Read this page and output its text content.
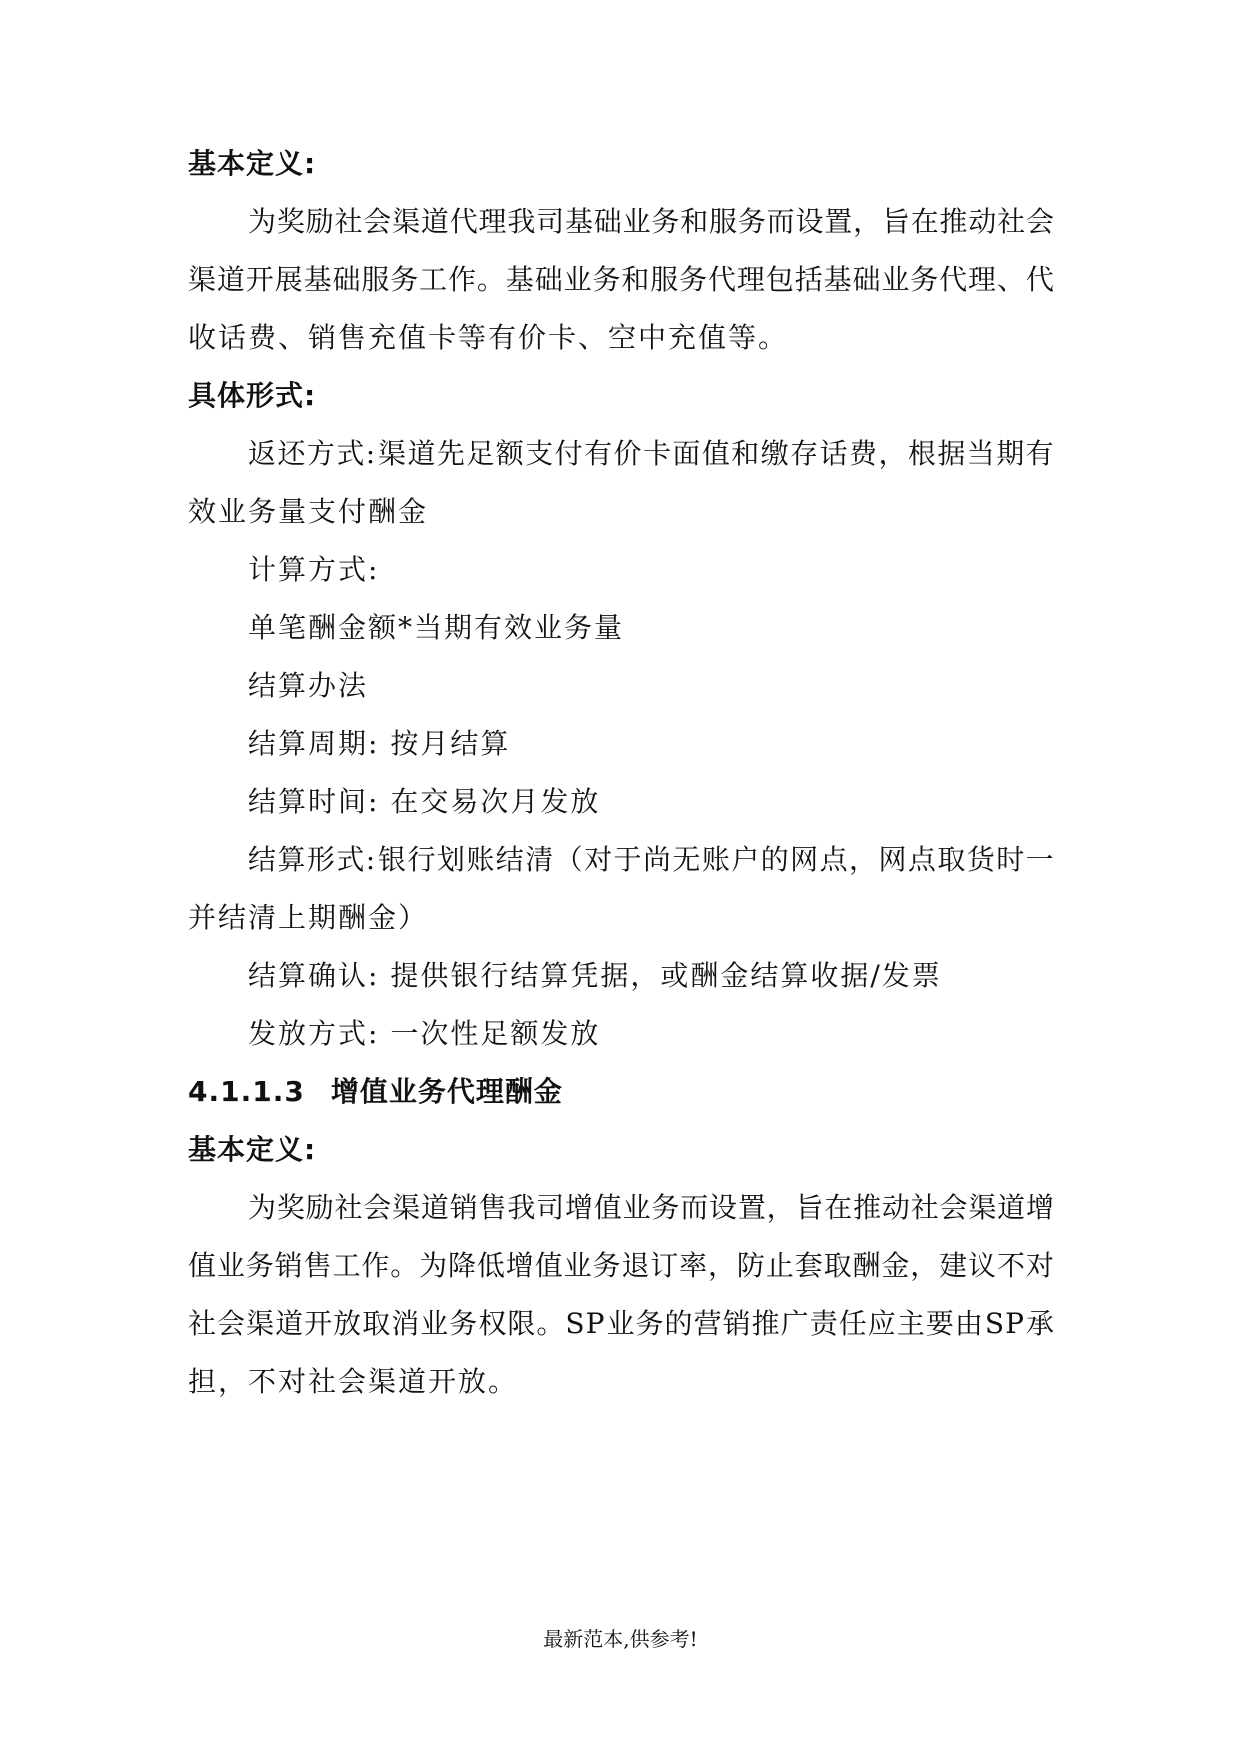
基本定义:
为 奖 励 社 会 渠 道 代 理 我 司 基 础 业 务 和 服 务 而 设 置 ， 旨 在 推 动 社 会
渠 道 开 展 基 础 服 务 工 作 。 基 础 业 务 和 服 务 代 理 包 括 基 础 业 务 代 理 、 代
收话费、销售充值卡等有价卡、空中充值等。
具体形式:
返 还 方 式 : 渠 道 先 足 额 支 付 有 价 卡 面 值 和 缴 存 话 费 ， 根 据 当 期 有
效业务量支付酬金
计算方式:
单笔酬金额*当期有效业务量
结算办法
结算周期: 按月结算
结算时间: 在交易次月发放
结 算 形 式 : 银 行 划 账 结 清 （ 对 于 尚 无 账 户 的 网 点 ， 网 点 取 货 时 一
并结清上期酬金）
结算确认: 提供银行结算凭据，或酬金结算收据/发票
发放方式: 一次性足额发放
4.1.1.3 增值业务代理酬金
基本定义:
为 奖 励 社 会 渠 道 销 售 我 司 增 值 业 务 而 设 置 ， 旨 在 推 动 社 会 渠 道 增
值 业 务 销 售 工 作 。 为 降 低 增 值 业 务 退 订 率 ， 防 止 套 取 酬 金 ， 建 议 不 对
社 会 渠 道 开 放 取 消 业 务 权 限 。 S P 业 务 的 营 销 推 广 责 任 应 主 要 由 S P 承
担，不对社会渠道开放。
最新范本,供参考!
